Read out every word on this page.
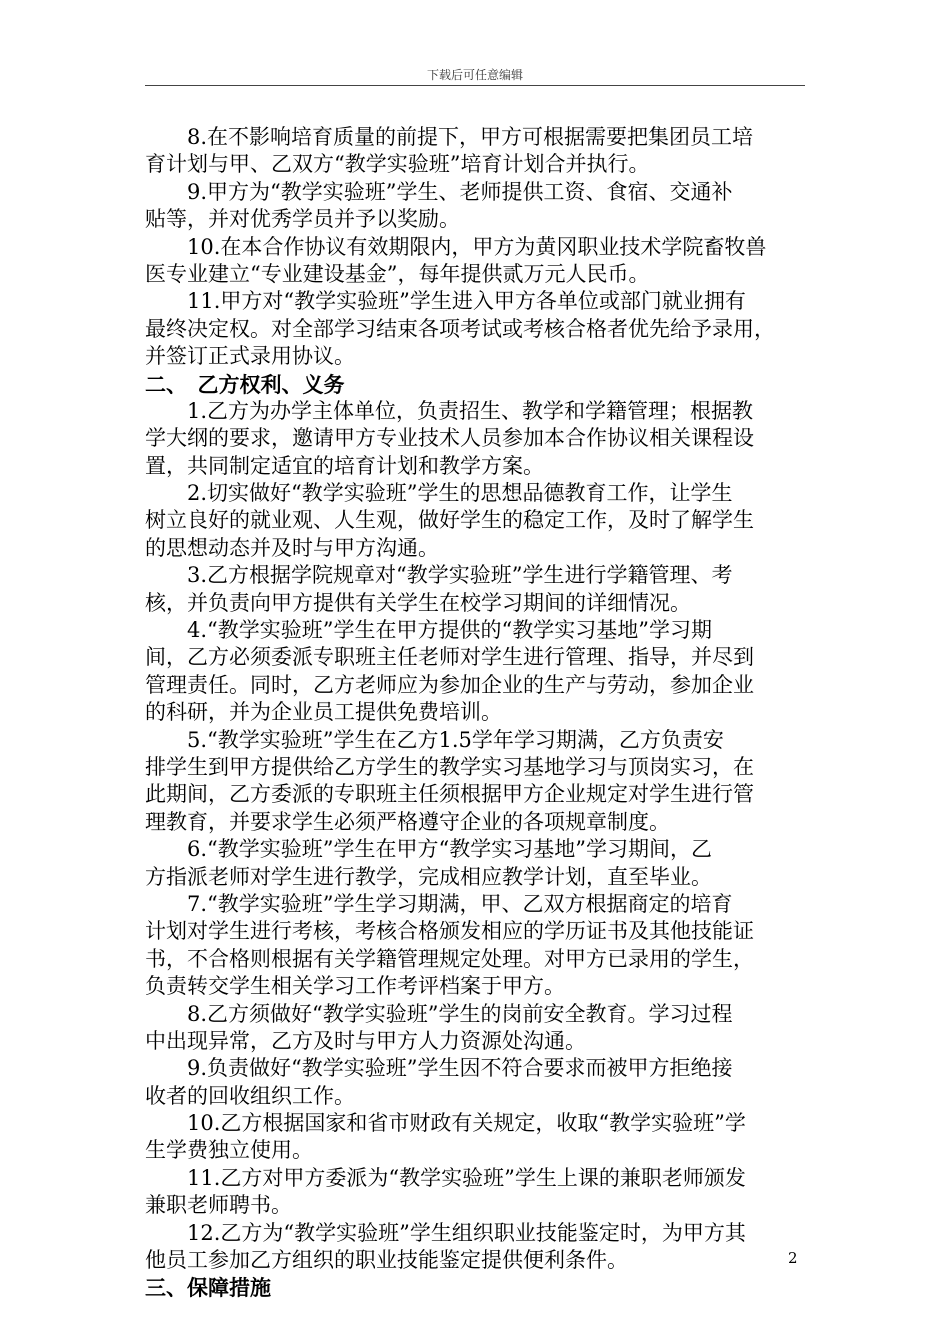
下载后可任意编辑
8.在不影响培育质量的前提下，甲方可根据需要把集团员工培
育计划与甲、乙双方“教学实验班”培育计划合并执行。
9.甲方为“教学实验班”学生、老师提供工资、食宿、交通补
贴等，并对优秀学员并予以奖励。
10.在本合作协议有效期限内，甲方为黄冈职业技术学院畜牧兽
医专业建立“专业建设基金”，每年提供贰万元人民币。
11.甲方对“教学实验班”学生进入甲方各单位或部门就业拥有
最终决定权。对全部学习结束各项考试或考核合格者优先给予录用，
并签订正式录用协议。
二、　乙方权利、义务
1.乙方为办学主体单位，负责招生、教学和学籍管理；根据教
学大纲的要求，邀请甲方专业技术人员参加本合作协议相关课程设
置，共同制定适宜的培育计划和教学方案。
2.切实做好“教学实验班”学生的思想品德教育工作，让学生
树立良好的就业观、人生观，做好学生的稳定工作，及时了解学生
的思想动态并及时与甲方沟通。
3.乙方根据学院规章对“教学实验班”学生进行学籍管理、考
核，并负责向甲方提供有关学生在校学习期间的详细情况。
4.“教学实验班”学生在甲方提供的“教学实习基地”学习期
间，乙方必须委派专职班主任老师对学生进行管理、指导，并尽到
管理责任。同时，乙方老师应为参加企业的生产与劳动，参加企业
的科研，并为企业员工提供免费培训。
5.“教学实验班”学生在乙方1.5学年学习期满，乙方负责安
排学生到甲方提供给乙方学生的教学实习基地学习与顶岗实习，在
此期间，乙方委派的专职班主任须根据甲方企业规定对学生进行管
理教育，并要求学生必须严格遵守企业的各项规章制度。
6.“教学实验班”学生在甲方“教学实习基地”学习期间，乙
方指派老师对学生进行教学，完成相应教学计划，直至毕业。
7.“教学实验班”学生学习期满，甲、乙双方根据商定的培育
计划对学生进行考核，考核合格颁发相应的学历证书及其他技能证
书，不合格则根据有关学籍管理规定处理。对甲方已录用的学生，
负责转交学生相关学习工作考评档案于甲方。
8.乙方须做好“教学实验班”学生的岗前安全教育。学习过程
中出现异常，乙方及时与甲方人力资源处沟通。
9.负责做好“教学实验班”学生因不符合要求而被甲方拒绝接
收者的回收组织工作。
10.乙方根据国家和省市财政有关规定，收取“教学实验班”学
生学费独立使用。
11.乙方对甲方委派为“教学实验班”学生上课的兼职老师颁发
兼职老师聘书。
12.乙方为“教学实验班”学生组织职业技能鉴定时，为甲方其
他员工参加乙方组织的职业技能鉴定提供便利条件。
三、保障措施
2
